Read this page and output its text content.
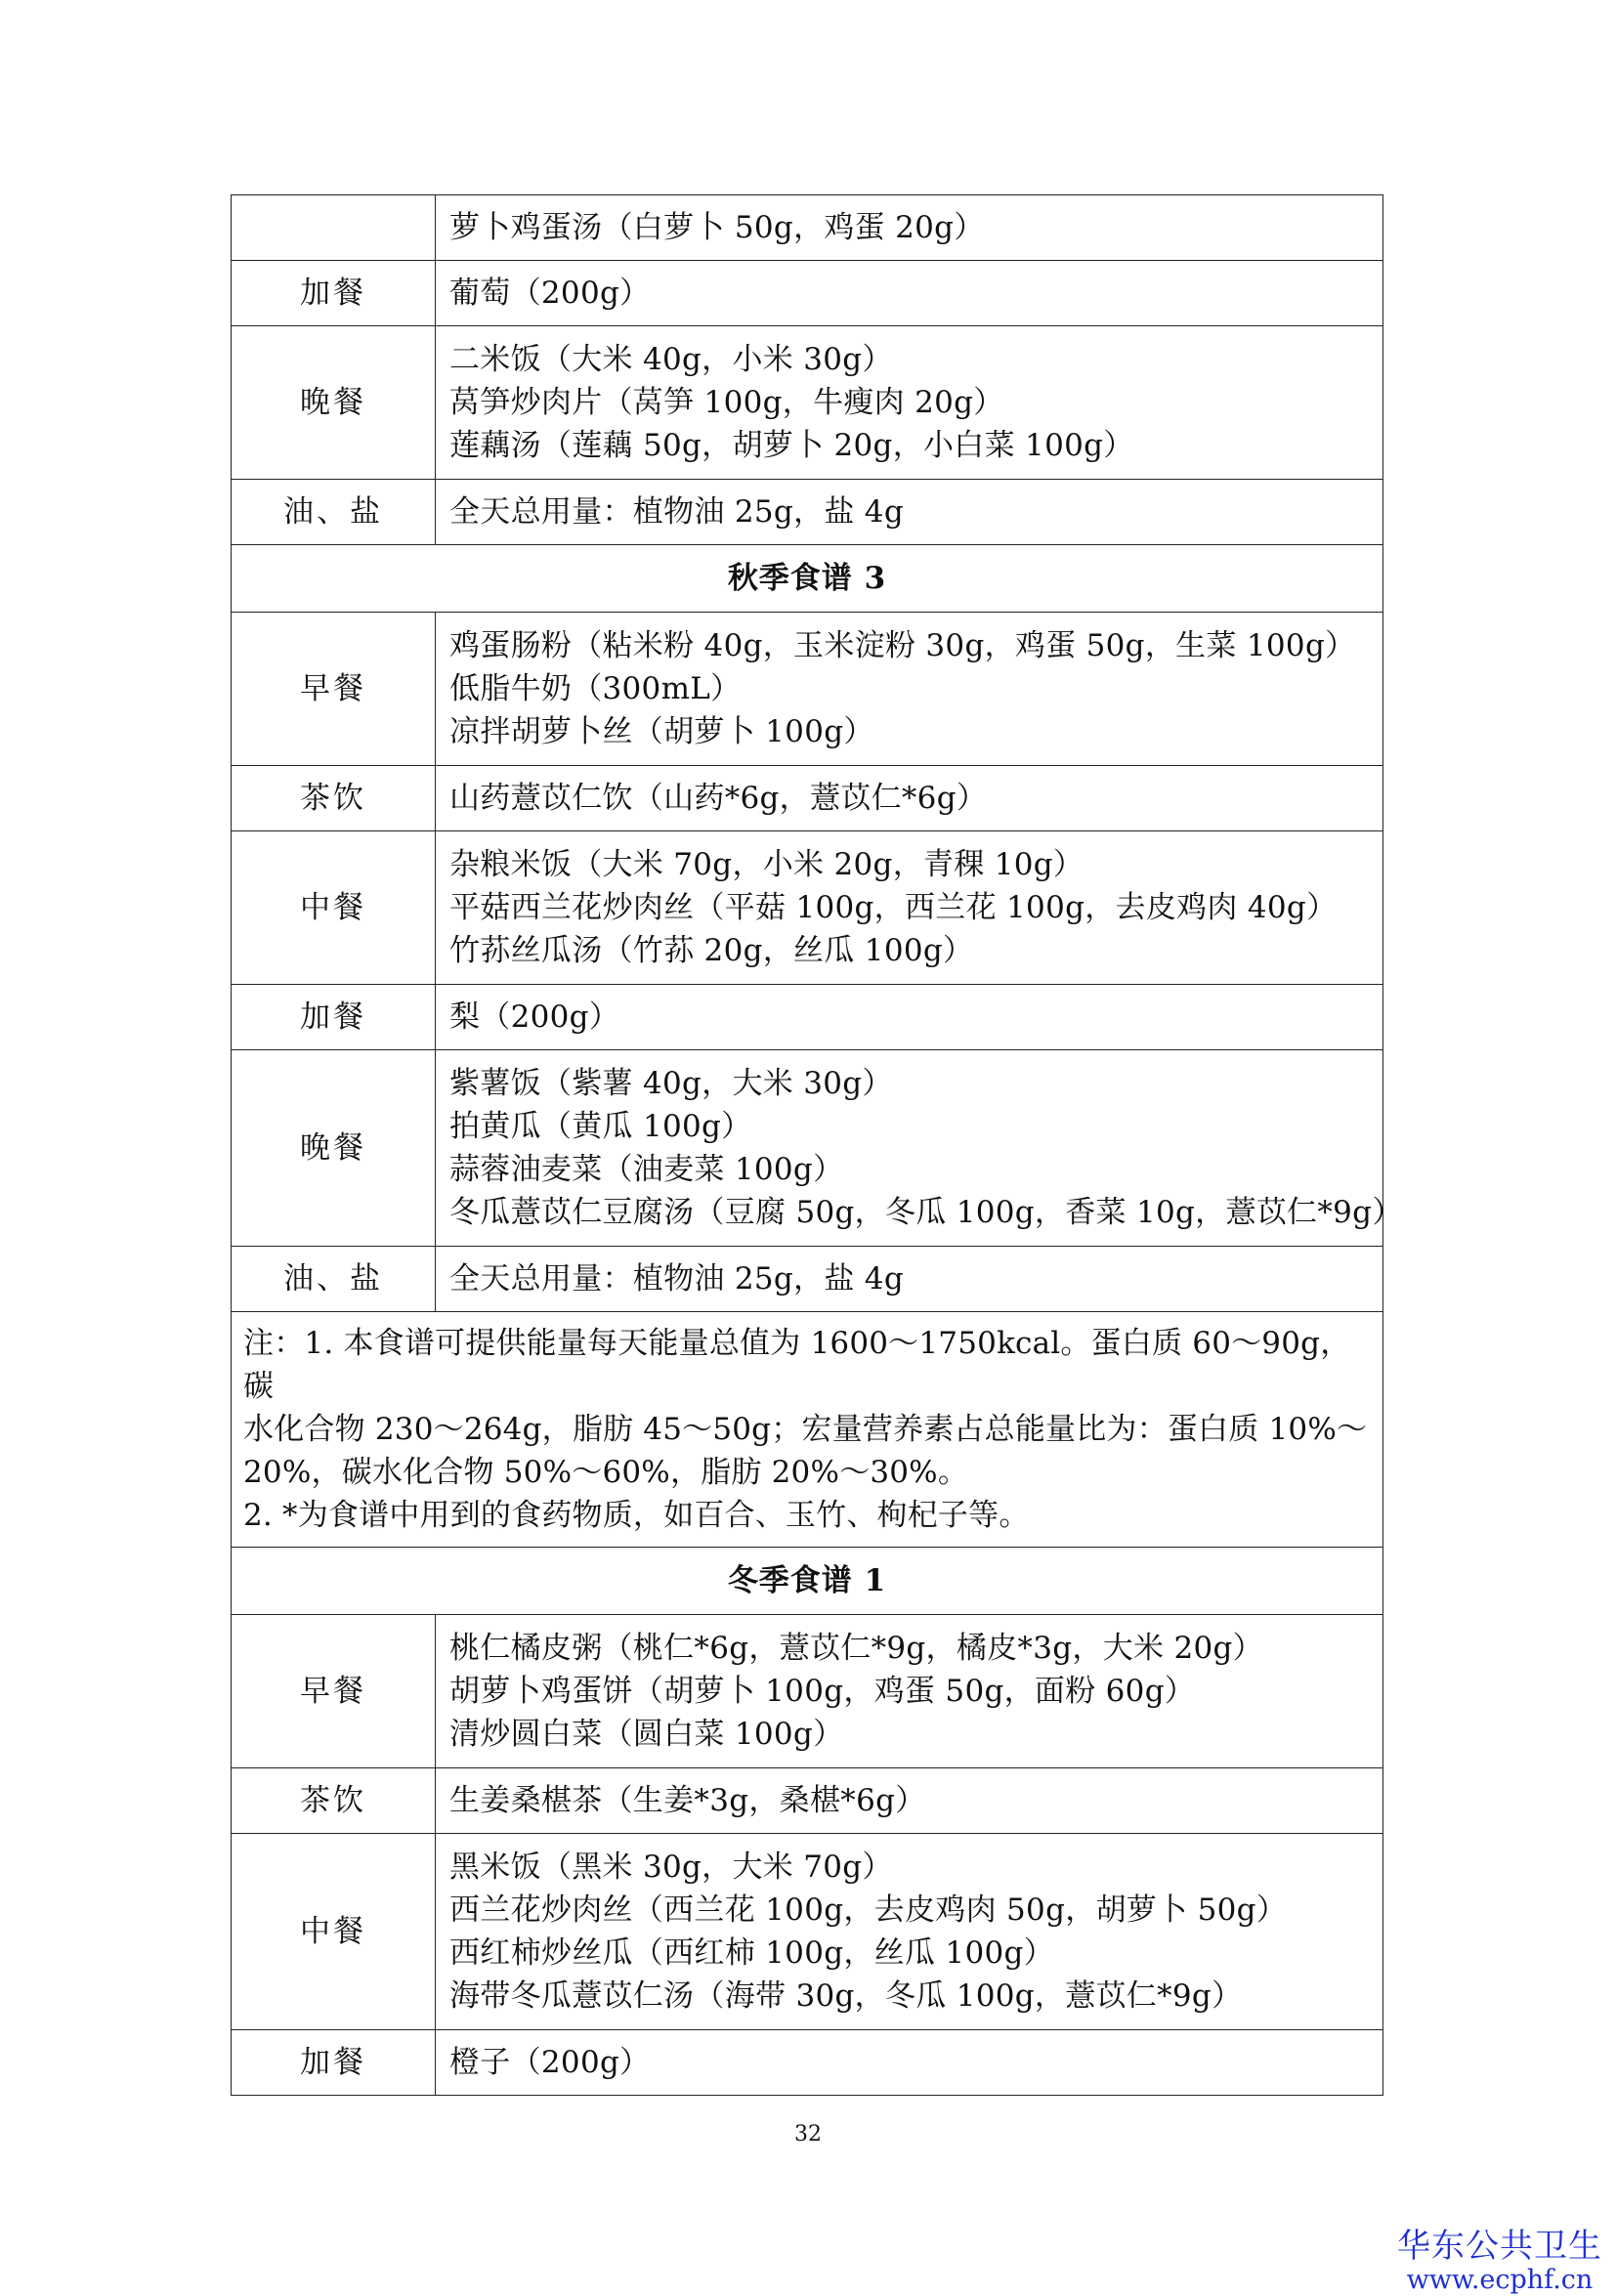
	萝卜鸡蛋汤（白萝卜 50g，鸡蛋 20g）

加餐	葡萄（200g）

晚餐	二米饭（大米 40g，小米 30g）
莴笋炒肉片（莴笋 100g，牛瘦肉 20g）
莲藕汤（莲藕 50g，胡萝卜 20g，小白菜 100g）

油、盐	全天总用量：植物油 25g，盐 4g

秋季食谱 3	
早餐	鸡蛋肠粉（粘米粉 40g，玉米淀粉 30g，鸡蛋 50g，生菜 100g）
低脂牛奶（300mL）
凉拌胡萝卜丝（胡萝卜 100g）

茶饮	山药薏苡仁饮（山药*6g，薏苡仁*6g）

中餐	杂粮米饭（大米 70g，小米 20g，青稞 10g）
平菇西兰花炒肉丝（平菇 100g，西兰花 100g，去皮鸡肉 40g）
竹荪丝瓜汤（竹荪 20g，丝瓜 100g）

加餐	梨（200g）

晚餐	紫薯饭（紫薯 40g，大米 30g）
拍黄瓜（黄瓜 100g）
蒜蓉油麦菜（油麦菜 100g）
冬瓜薏苡仁豆腐汤（豆腐 50g，冬瓜 100g，香菜 10g，薏苡仁*9g）

油、盐	全天总用量：植物油 25g，盐 4g

注：1. 本食谱可提供能量每天能量总值为 1600～1750kcal。蛋白质 60～90g，碳
水化合物 230～264g，脂肪 45～50g；宏量营养素占总能量比为：蛋白质 10%～
20%，碳水化合物 50%～60%，脂肪 20%～30%。
2. *为食谱中用到的食药物质，如百合、玉竹、枸杞子等。	

冬季食谱 1	
早餐	桃仁橘皮粥（桃仁*6g，薏苡仁*9g，橘皮*3g，大米 20g）
胡萝卜鸡蛋饼（胡萝卜 100g，鸡蛋 50g，面粉 60g）
清炒圆白菜（圆白菜 100g）

茶饮	生姜桑椹茶（生姜*3g，桑椹*6g）

中餐	黑米饭（黑米 30g，大米 70g）
西兰花炒肉丝（西兰花 100g，去皮鸡肉 50g，胡萝卜 50g）
西红柿炒丝瓜（西红柿 100g，丝瓜 100g）
海带冬瓜薏苡仁汤（海带 30g，冬瓜 100g，薏苡仁*9g）

加餐	橙子（200g）
32
华东公共卫生
www.ecphf.cn
